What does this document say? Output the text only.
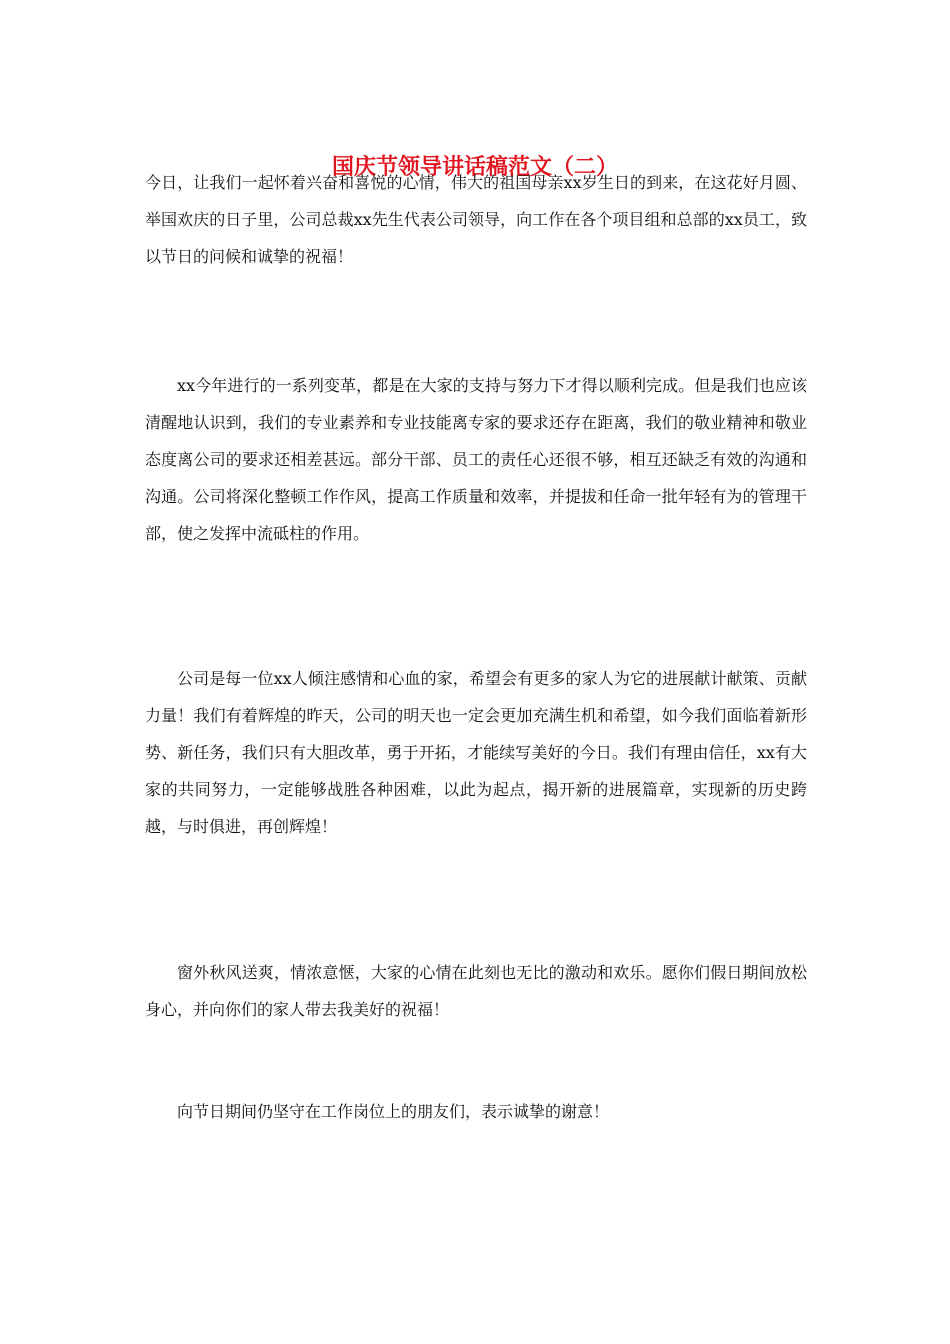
国庆节领导讲话稿范文（二）

今日，让我们一起怀着兴奋和喜悦的心情，伟大的祖国母亲xx岁生日的到来，在这花好月圆、举国欢庆的日子里，公司总裁xx先生代表公司领导，向工作在各个项目组和总部的xx员工，致以节日的问候和诚挚的祝福！

xx今年进行的一系列变革，都是在大家的支持与努力下才得以顺利完成。但是我们也应该清醒地认识到，我们的专业素养和专业技能离专家的要求还存在距离，我们的敬业精神和敬业态度离公司的要求还相差甚远。部分干部、员工的责任心还很不够，相互还缺乏有效的沟通和沟通。公司将深化整顿工作作风，提高工作质量和效率，并提拔和任命一批年轻有为的管理干部，使之发挥中流砥柱的作用。

公司是每一位xx人倾注感情和心血的家，希望会有更多的家人为它的进展献计献策、贡献力量！我们有着辉煌的昨天，公司的明天也一定会更加充满生机和希望，如今我们面临着新形势、新任务，我们只有大胆改革，勇于开拓，才能续写美好的今日。我们有理由信任，xx有大家的共同努力，一定能够战胜各种困难，以此为起点，揭开新的进展篇章，实现新的历史跨越，与时俱进，再创辉煌！

窗外秋风送爽，情浓意惬，大家的心情在此刻也无比的激动和欢乐。愿你们假日期间放松身心，并向你们的家人带去我美好的祝福！

向节日期间仍坚守在工作岗位上的朋友们，表示诚挚的谢意！
